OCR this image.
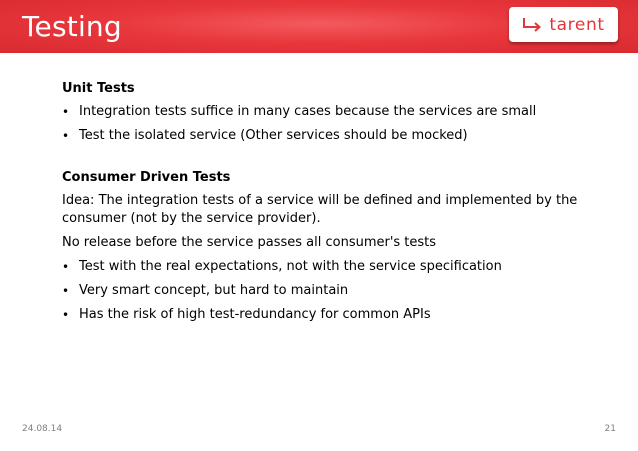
Testing	tarent
Unit Tests
• Integration tests suffice in many cases because the services are small
• Test the isolated service (Other services should be mocked)
Consumer Driven Tests
Idea: The integration tests of a service will be defined and implemented by the consumer (not by the service provider).
No release before the service passes all consumer's tests
• Test with the real expectations, not with the service specification
• Very smart concept, but hard to maintain
• Has the risk of high test-redundancy for common APIs
24.08.14	21
